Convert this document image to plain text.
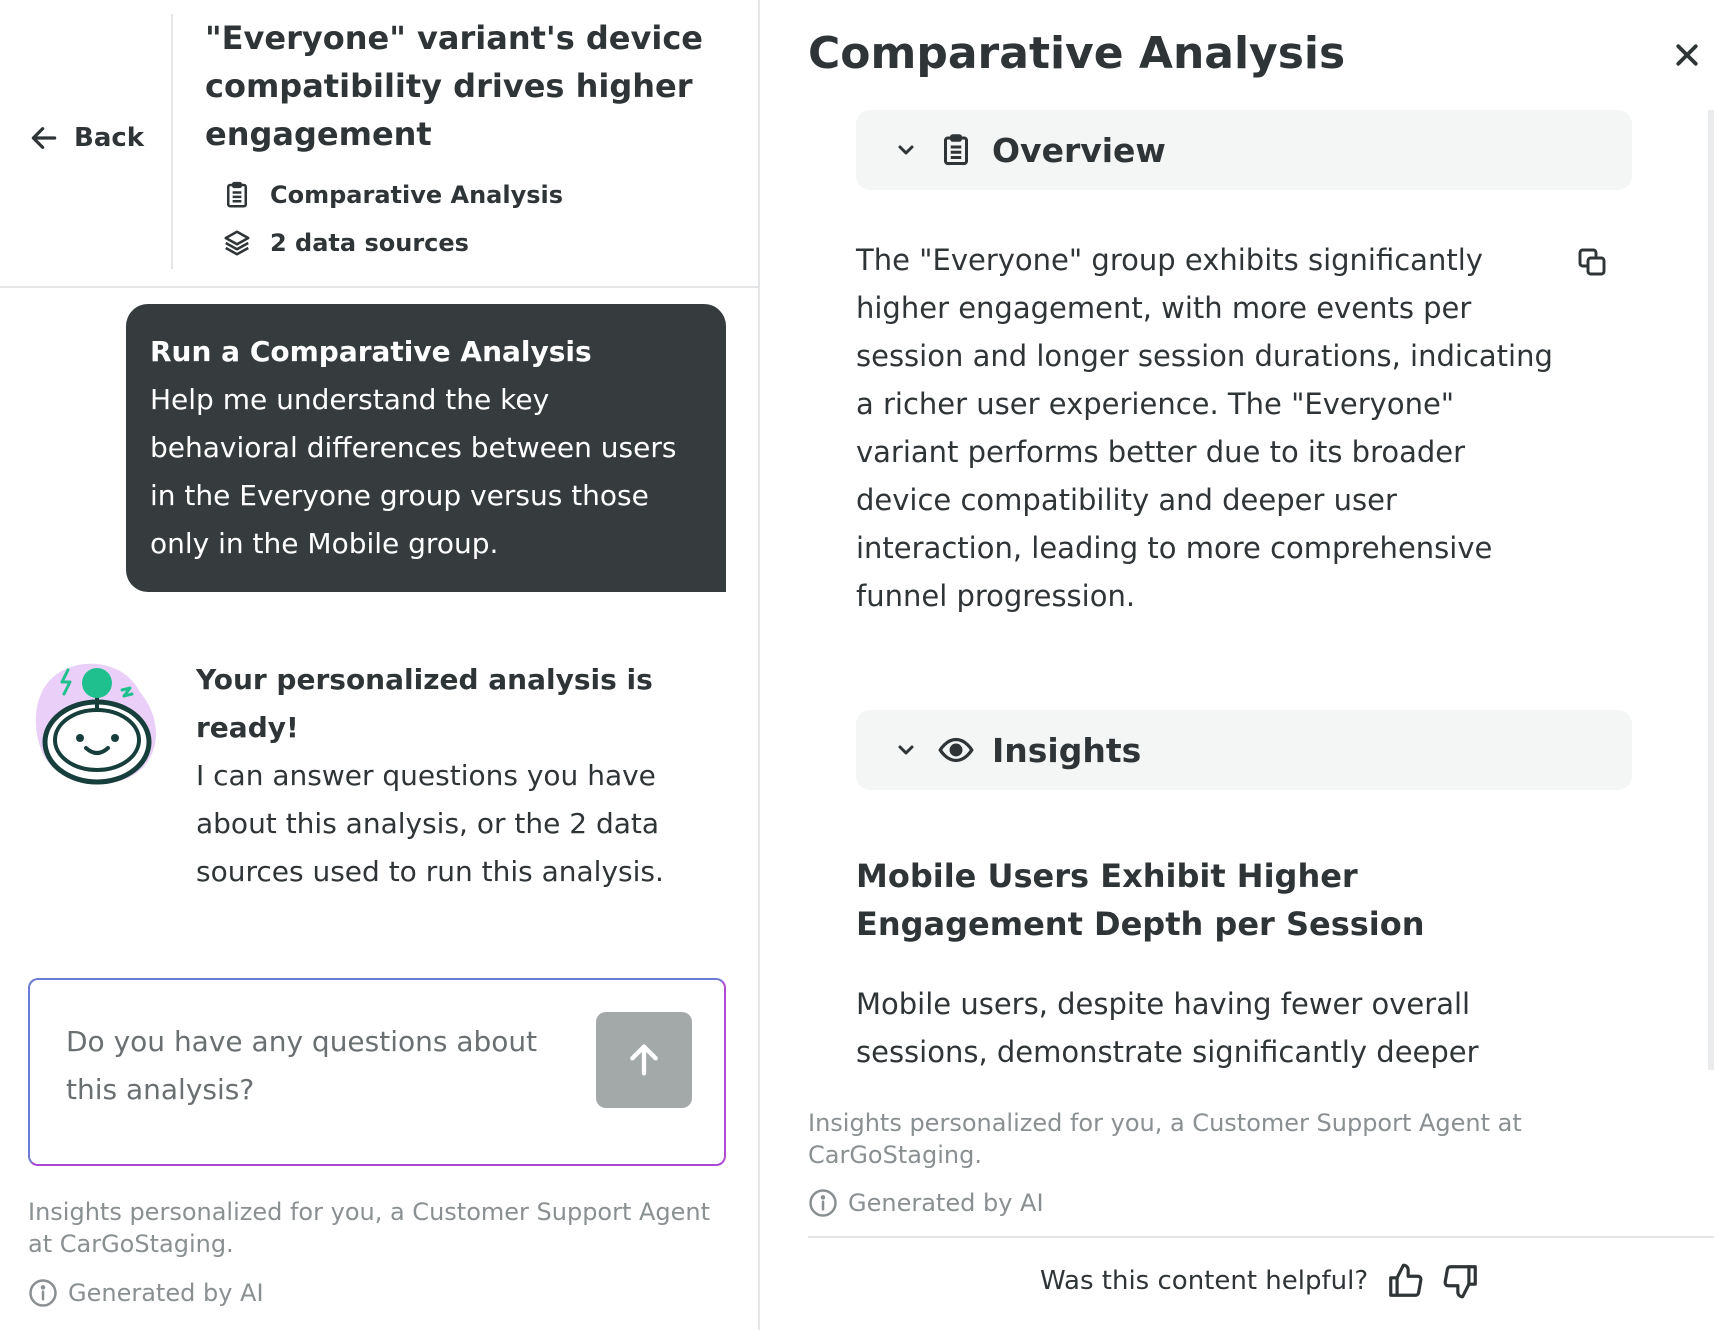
Back
"Everyone" variant's device compatibility drives higher engagement
Comparative Analysis
2 data sources
Run a Comparative Analysis
Help me understand the key behavioral differences between users in the Everyone group versus those only in the Mobile group.
Your personalized analysis is ready!
I can answer questions you have about this analysis, or the 2 data sources used to run this analysis.
Do you have any questions about this analysis?
Insights personalized for you, a Customer Support Agent at CarGoStaging.
Generated by AI
Comparative Analysis
Overview
The "Everyone" group exhibits significantly higher engagement, with more events per session and longer session durations, indicating a richer user experience. The "Everyone" variant performs better due to its broader device compatibility and deeper user interaction, leading to more comprehensive funnel progression.
Insights
Mobile Users Exhibit Higher Engagement Depth per Session
Mobile users, despite having fewer overall sessions, demonstrate significantly deeper
Insights personalized for you, a Customer Support Agent at CarGoStaging.
Generated by AI
Was this content helpful?
